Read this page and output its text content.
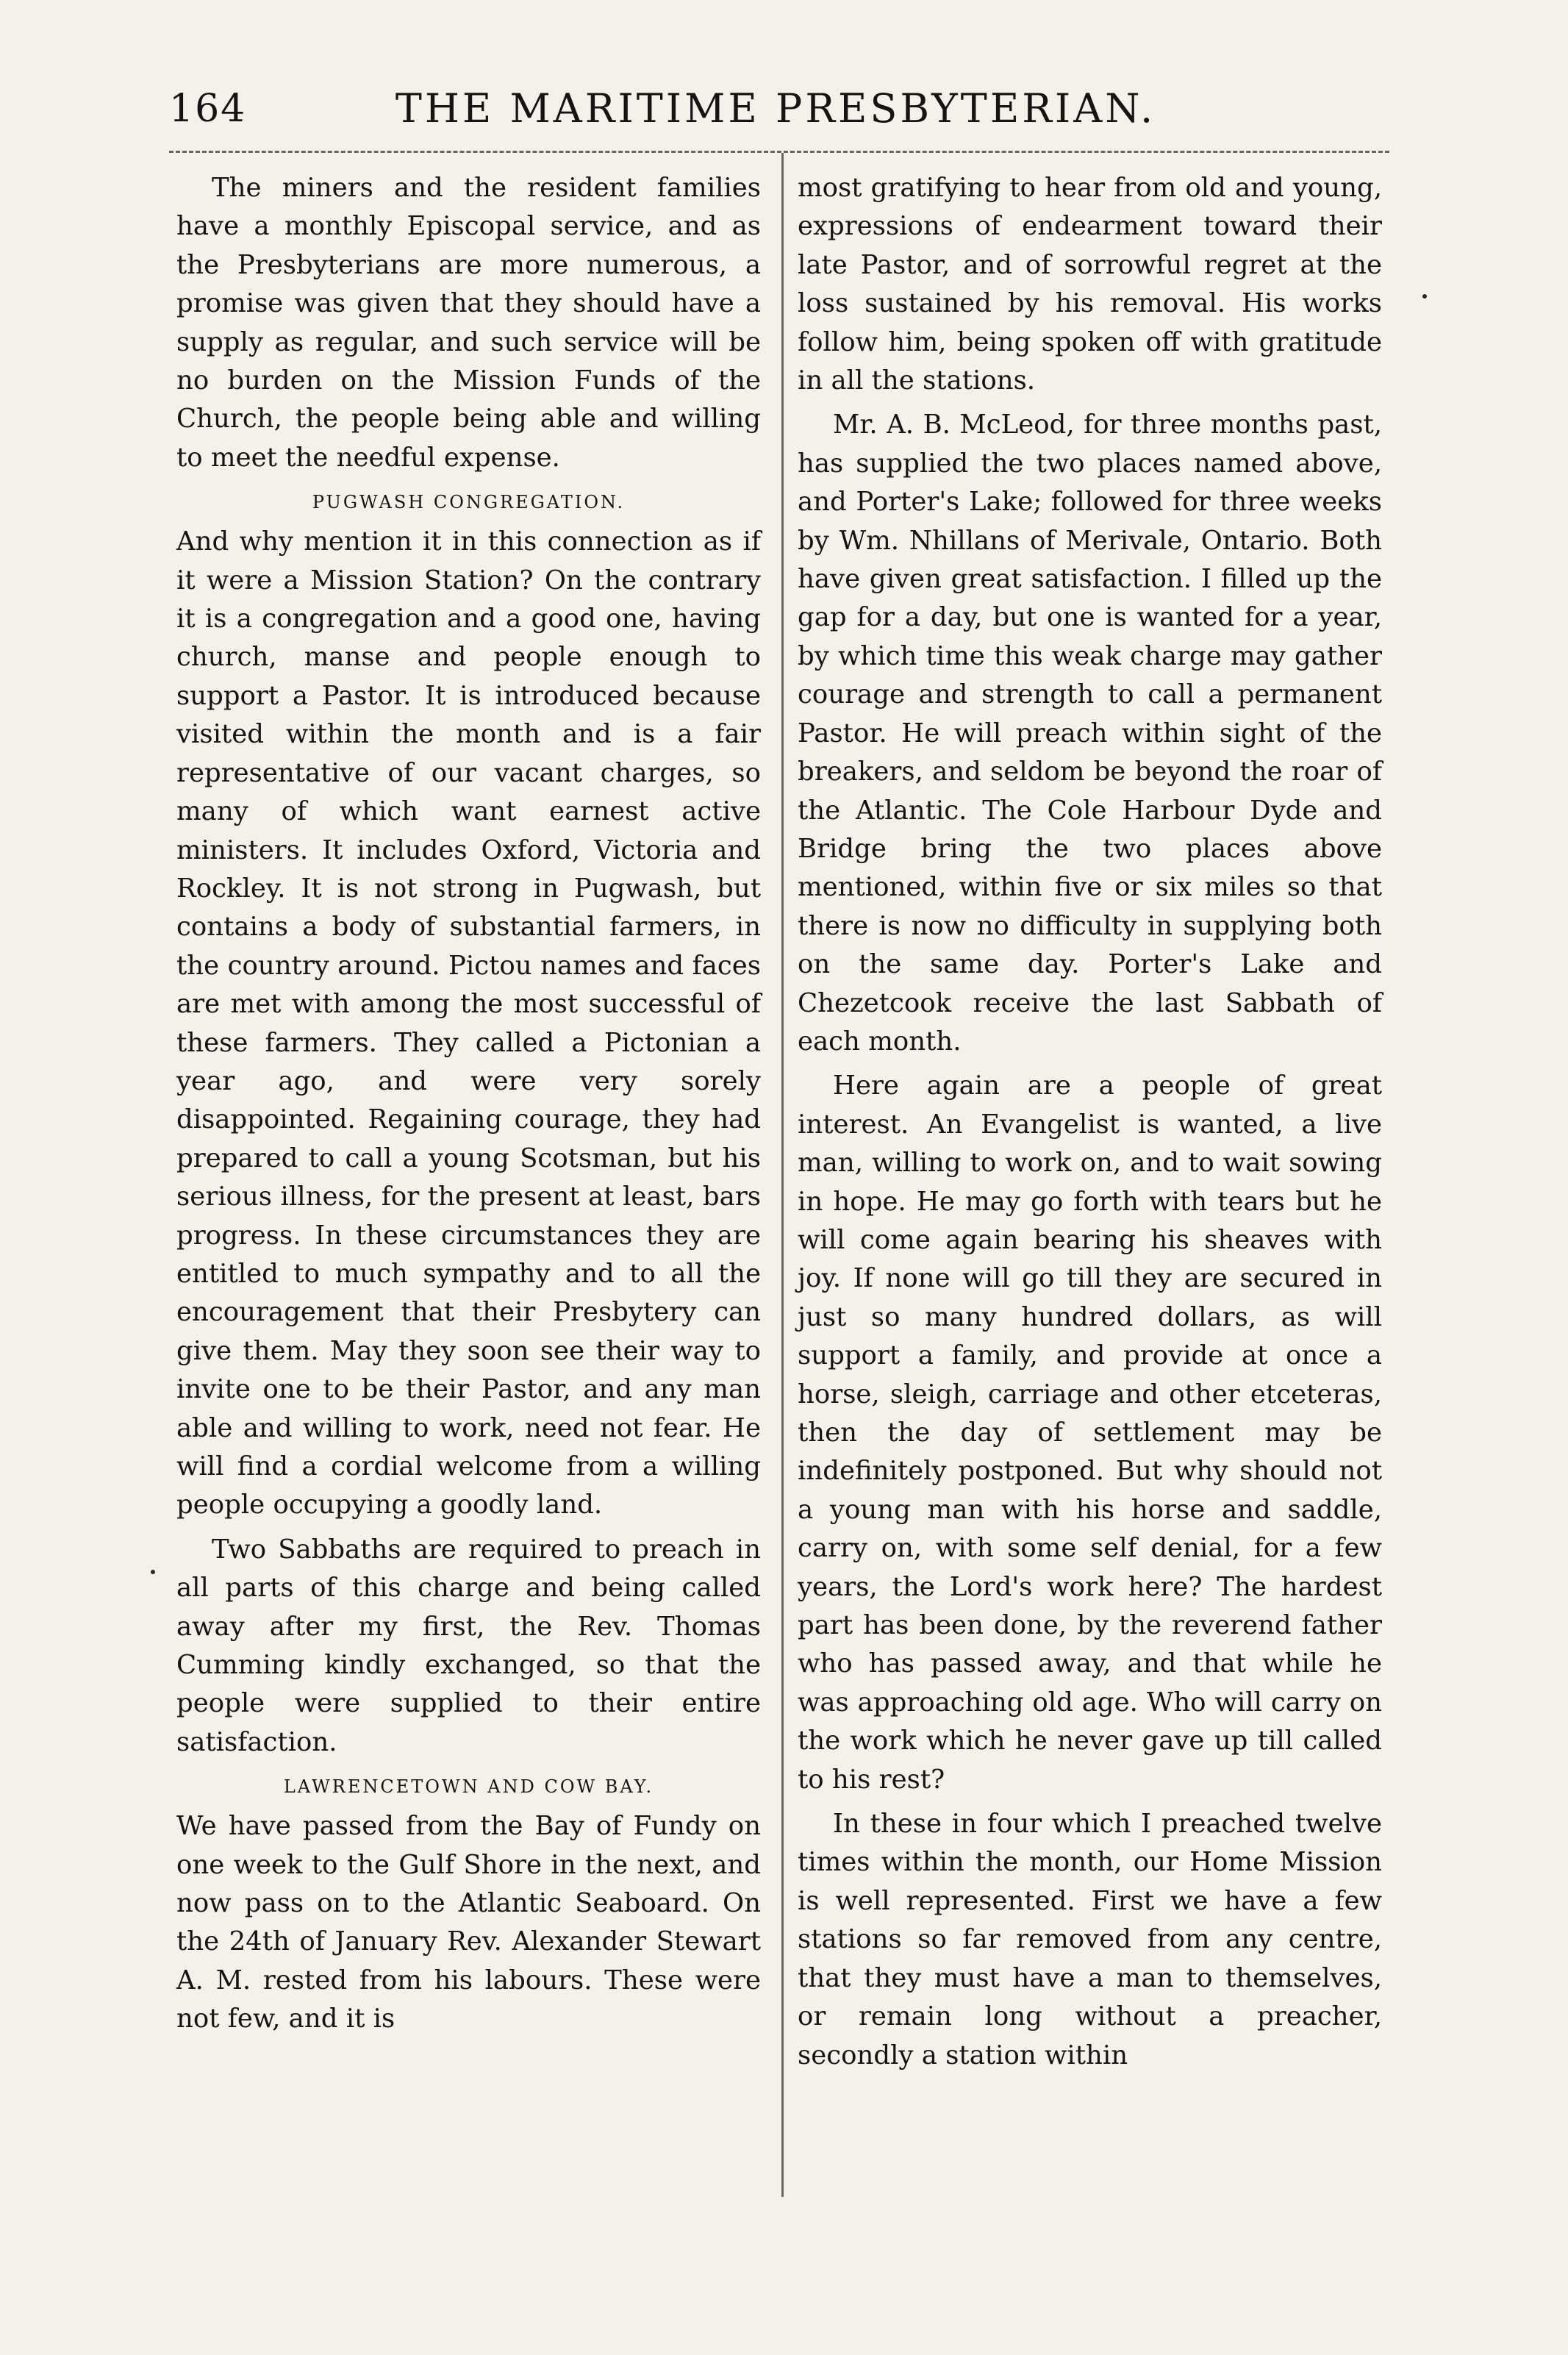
164	THE MARITIME PRESBYTERIAN.

The miners and the resident families have a monthly Episcopal service, and as the Presbyterians are more numerous, a promise was given that they should have a supply as regular, and such service will be no burden on the Mission Funds of the Church, the people being able and willing to meet the needful expense.

PUGWASH CONGREGATION.

And why mention it in this connection as if it were a Mission Station? On the contrary it is a congregation and a good one, having church, manse and people enough to support a Pastor. It is introduced because visited within the month and is a fair representative of our vacant charges, so many of which want earnest active ministers. It includes Oxford, Victoria and Rockley. It is not strong in Pugwash, but contains a body of substantial farmers, in the country around. Pictou names and faces are met with among the most successful of these farmers. They called a Pictonian a year ago, and were very sorely disappointed. Regaining courage, they had prepared to call a young Scotsman, but his serious illness, for the present at least, bars progress. In these circumstances they are entitled to much sympathy and to all the encouragement that their Presbytery can give them. May they soon see their way to invite one to be their Pastor, and any man able and willing to work, need not fear. He will find a cordial welcome from a willing people occupying a goodly land.

Two Sabbaths are required to preach in all parts of this charge and being called away after my first, the Rev. Thomas Cumming kindly exchanged, so that the people were supplied to their entire satisfaction.

LAWRENCETOWN AND COW BAY.

We have passed from the Bay of Fundy on one week to the Gulf Shore in the next, and now pass on to the Atlantic Seaboard. On the 24th of January Rev. Alexander Stewart A. M. rested from his labours. These were not few, and it is

most gratifying to hear from old and young, expressions of endearment toward their late Pastor, and of sorrowful regret at the loss sustained by his removal. His works follow him, being spoken off with gratitude in all the stations.

Mr. A. B. McLeod, for three months past, has supplied the two places named above, and Porter's Lake; followed for three weeks by Wm. Nhillans of Merivale, Ontario. Both have given great satisfaction. I filled up the gap for a day, but one is wanted for a year, by which time this weak charge may gather courage and strength to call a permanent Pastor. He will preach within sight of the breakers, and seldom be beyond the roar of the Atlantic. The Cole Harbour Dyde and Bridge bring the two places above mentioned, within five or six miles so that there is now no difficulty in supplying both on the same day. Porter's Lake and Chezetcook receive the last Sabbath of each month.

Here again are a people of great interest. An Evangelist is wanted, a live man, willing to work on, and to wait sowing in hope. He may go forth with tears but he will come again bearing his sheaves with joy. If none will go till they are secured in just so many hundred dollars, as will support a family, and provide at once a horse, sleigh, carriage and other etceteras, then the day of settlement may be indefinitely postponed. But why should not a young man with his horse and saddle, carry on, with some self denial, for a few years, the Lord's work here? The hardest part has been done, by the reverend father who has passed away, and that while he was approaching old age. Who will carry on the work which he never gave up till called to his rest?

In these in four which I preached twelve times within the month, our Home Mission is well represented. First we have a few stations so far removed from any centre, that they must have a man to themselves, or remain long without a preacher, secondly a station within
